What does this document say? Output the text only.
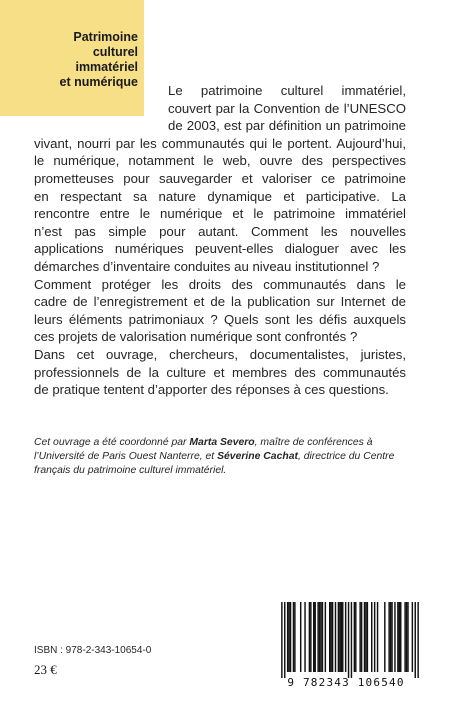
Patrimoine
culturel
immatériel
et numérique
Le patrimoine culturel immatériel,
couvert par la Convention de l’UNESCO
de 2003, est par définition un patrimoine
vivant, nourri par les communautés qui le portent. Aujourd’hui,
le numérique, notamment le web, ouvre des perspectives
prometteuses pour sauvegarder et valoriser ce patrimoine
en respectant sa nature dynamique et participative. La
rencontre entre le numérique et le patrimoine immatériel
n’est pas simple pour autant. Comment les nouvelles
applications numériques peuvent-elles dialoguer avec les
démarches d’inventaire conduites au niveau institutionnel ?
Comment protéger les droits des communautés dans le
cadre de l’enregistrement et de la publication sur Internet de
leurs éléments patrimoniaux ? Quels sont les défis auxquels
ces projets de valorisation numérique sont confrontés ?
Dans cet ouvrage, chercheurs, documentalistes, juristes,
professionnels de la culture et membres des communautés
de pratique tentent d’apporter des réponses à ces questions.
Cet ouvrage a été coordonné par Marta Severo, maître de conférences à
l’Université de Paris Ouest Nanterre, et Séverine Cachat, directrice du Centre
français du patrimoine culturel immatériel.
ISBN : 978-2-343-10654-0
23 €
9 782343 106540
